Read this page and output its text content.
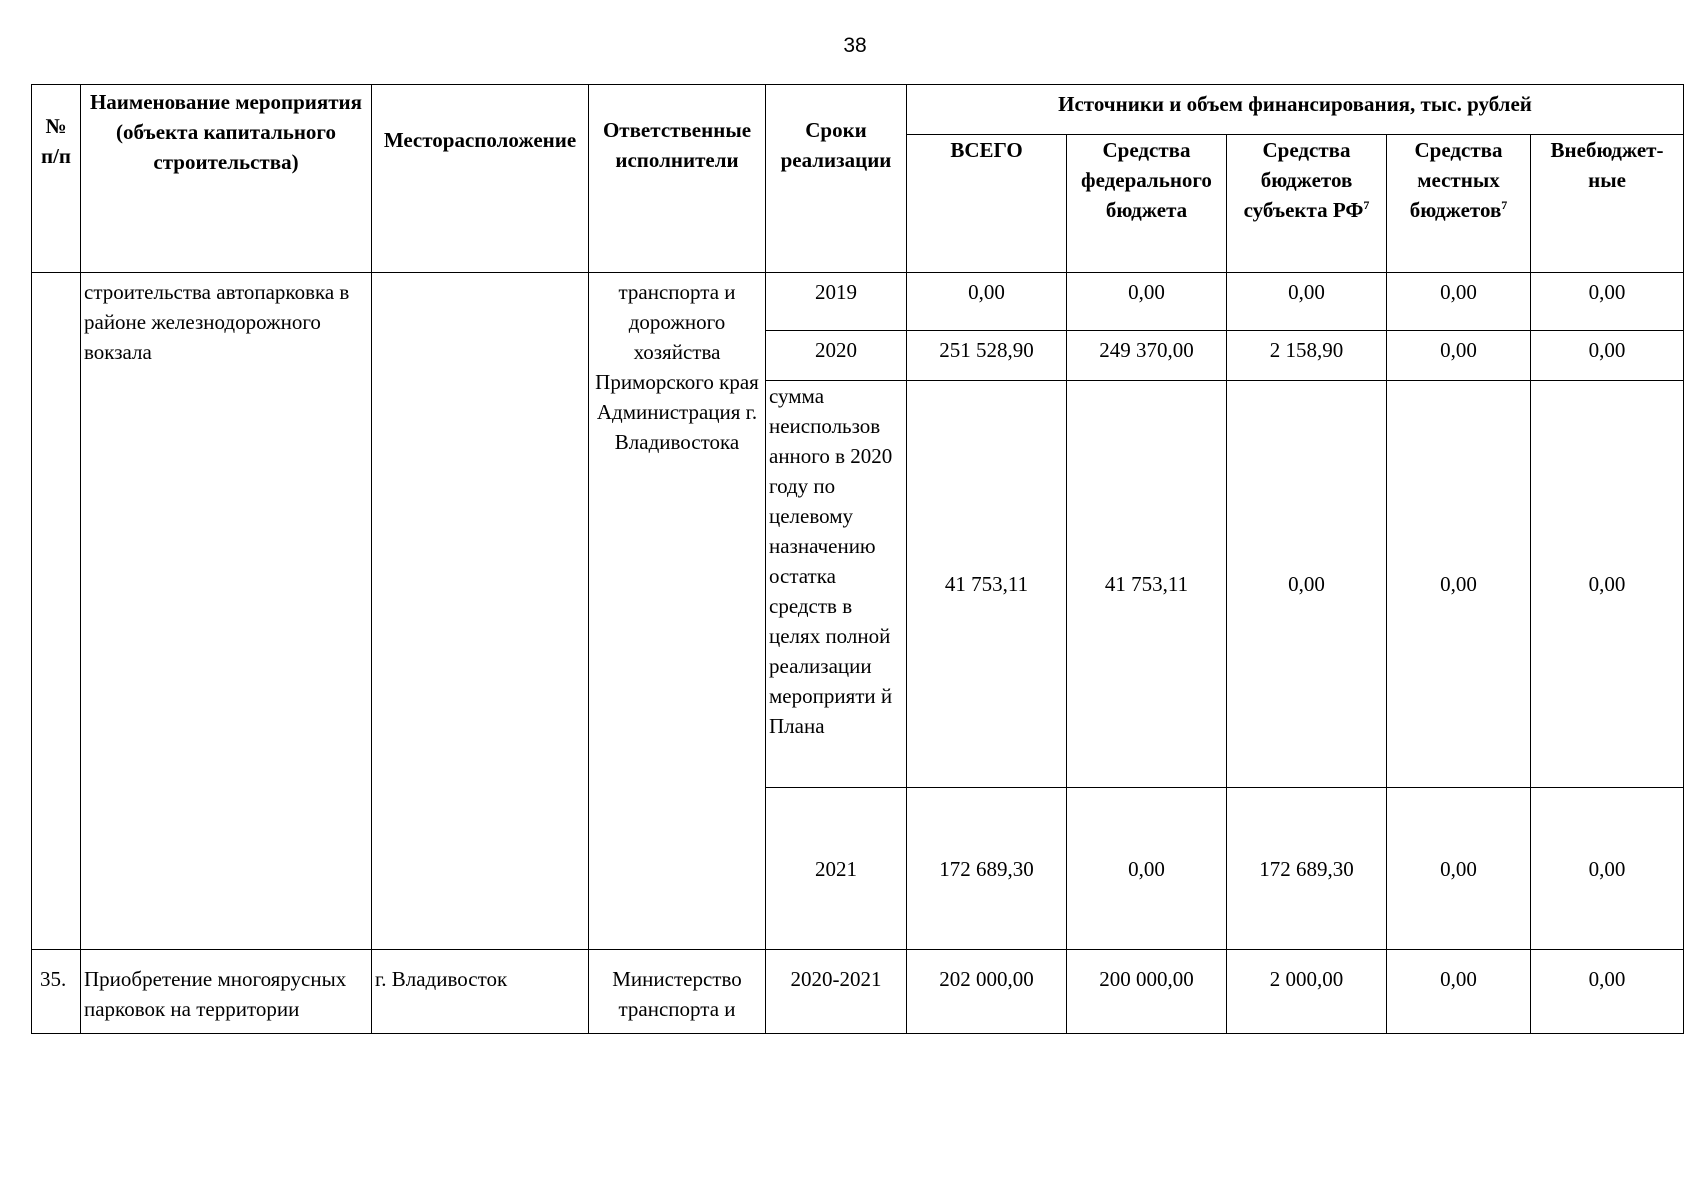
38
№ п/п	Наименование мероприятия (объекта капитального строительства)	Месторасположение	Ответственные исполнители	Сроки реализации	Источники и объем финансирования, тыс. рублей				
					ВСЕГО	Средства федерального бюджета	Средства бюджетов субъекта $РФ^7$	Средства местных бюджетов$^7$	Внебюджет-ные
	строительства автопарковка в районе железнодорожного вокзала		транспорта и дорожного хозяйства Приморского края Администрация г. Владивостока	2019	0,00	0,00	0,00	0,00	0,00
				2020	251 528,90	249 370,00	2 158,90	0,00	0,00
				сумма неиспользов анного в 2020 году по целевому назначению остатка средств в целях полной реализации мероприяти й Плана	41 753,11	41 753,11	0,00	0,00	0,00
				2021	172 689,30	0,00	172 689,30	0,00	0,00
35.	Приобретение многоярусных парковок на территории	г. Владивосток	Министерство транспорта и	2020-2021	202 000,00	200 000,00	2 000,00	0,00	0,00
